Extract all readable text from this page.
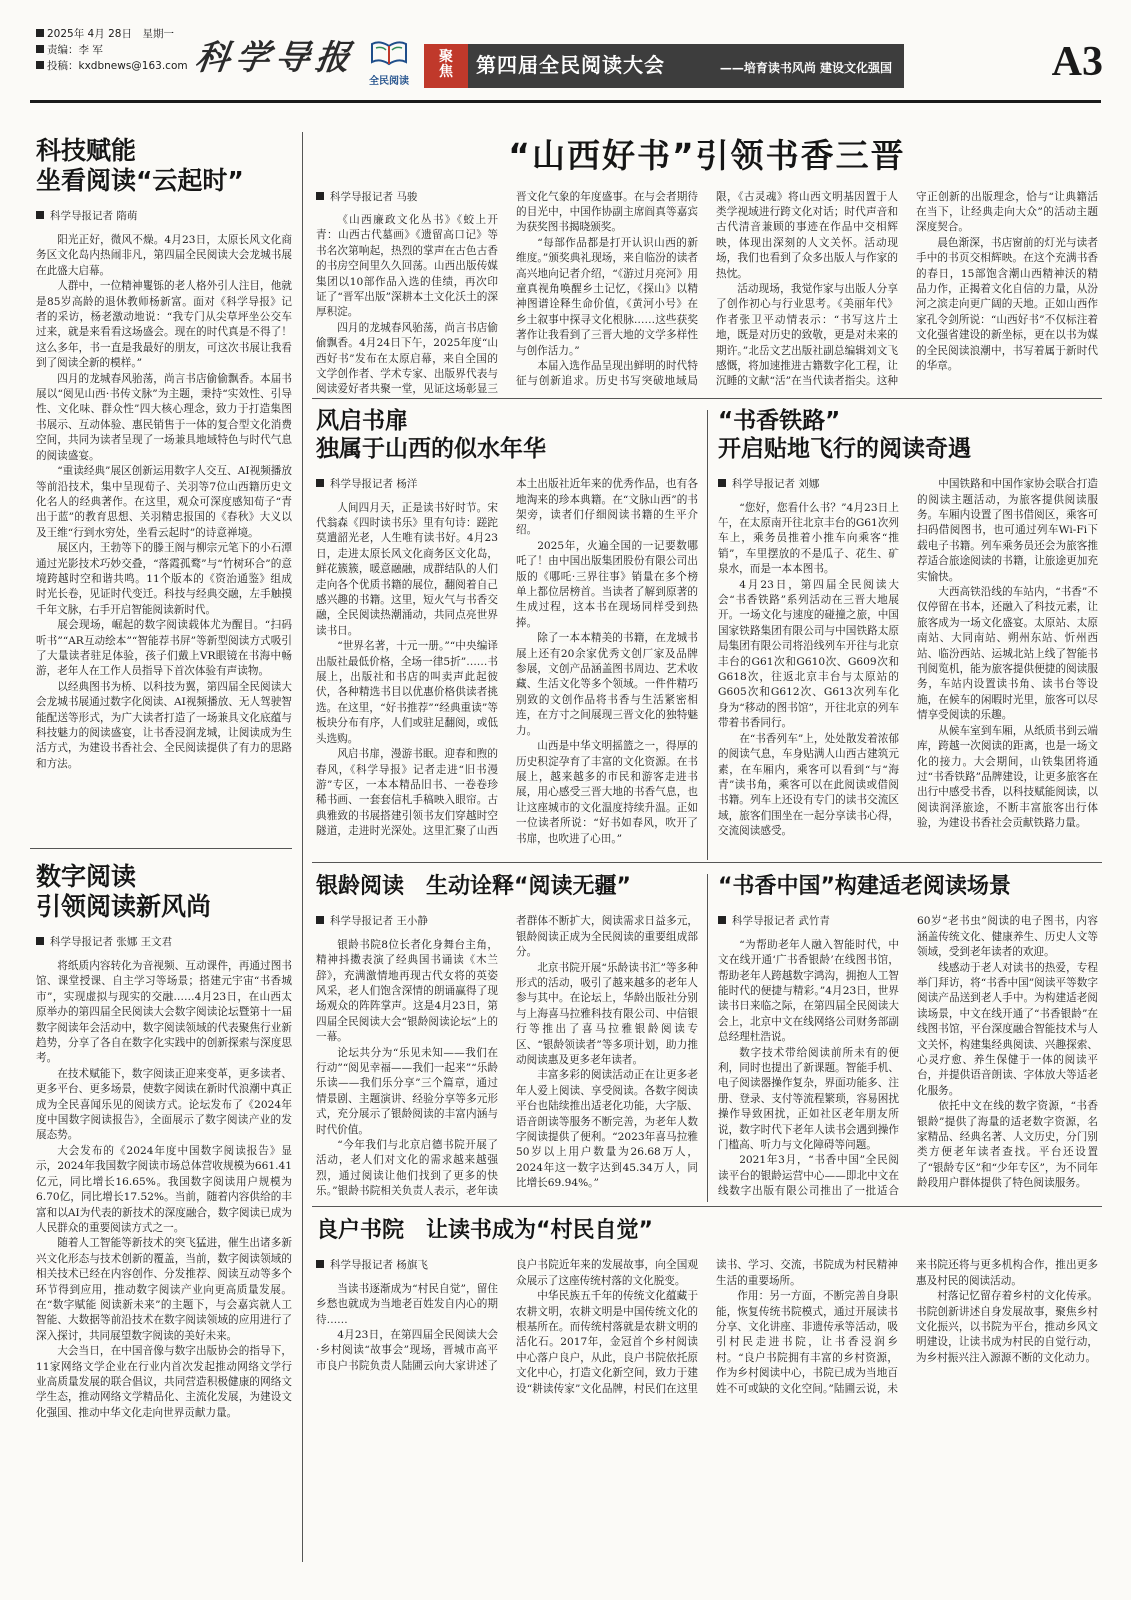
2025年 4月 28日　星期一
责编：李 军
投稿：kxdbnews@163.com 科学导报
全民阅读
聚
焦	第四届全民阅读大会	——培育读书风尚 建设文化强国	A3
科技赋能
坐看阅读“云起时”
科学导报记者 隋萌

阳光正好，微风不燥。4月23日，太原长风文化商务区文化岛内热闹非凡，第四届全民阅读大会龙城书展在此盛大启幕。

人群中，一位精神矍铄的老人格外引人注目，他就是85岁高龄的退休教师杨新富。面对《科学导报》记者的采访，杨老激动地说：“我专门从尖草坪坐公交车过来，就是来看看这场盛会。现在的时代真是不得了！这么多年，书一直是我最好的朋友，可这次书展让我看到了阅读全新的模样。”

四月的龙城春风骀荡，尚言书店偷偷飘香。本届书展以“阅见山西·书传文脉”为主题，秉持“实效性、引导性、文化味、群众性”四大核心理念，致力于打造集图书展示、互动体验、惠民销售于一体的复合型文化消费空间，共同为读者呈现了一场兼具地域特色与时代气息的阅读盛宴。

“重读经典”展区创新运用数字人交互、AI视频播放等前沿技术，集中呈现荀子、关羽等7位山西籍历史文化名人的经典著作。在这里，观众可深度感知荀子“青出于蓝”的教育思想、关羽精忠报国的《春秋》大义以及王维“行到水穷处，坐看云起时”的诗意禅境。

展区内，王勃等下的滕王阁与柳宗元笔下的小石潭通过光影技术巧妙交叠，“落霞孤鹜”与“竹树环合”的意境跨越时空和谐共鸣。11个版本的《资治通鉴》组成时光长卷，见证时代变迁。科技与经典交融，左手触摸千年文脉，右手开启智能阅读新时代。

展会现场，崛起的数字阅读载体尤为醒目。“扫码听书”“AR互动绘本”“智能荐书屏”等新型阅读方式吸引了大量读者驻足体验，孩子们戴上VR眼镜在书海中畅游，老年人在工作人员指导下首次体验有声读物。

以经典图书为桥、以科技为翼，第四届全民阅读大会龙城书展通过数字化阅读、AI视频播放、无人驾驶智能配送等形式，为广大读者打造了一场兼具文化底蕴与科技魅力的阅读盛宴，让书香浸润龙城，让阅读成为生活方式，为建设书香社会、全民阅读提供了有力的思路和方法。

“山西好书”引领书香三晋
科学导报记者 马骏

《山西廉政文化丛书》《蛟上开青：山西古代墓画》《遗留高口记》等书名次第响起，热烈的掌声在古色古香的书房空间里久久回荡。山西出版传媒集团以10部作品入选的佳绩，再次印证了“晋军出版”深耕本土文化沃土的深厚积淀。

四月的龙城春风骀荡，尚言书店偷偷飘香。4月24日下午，2025年度“山西好书”发布在太原启幕，来自全国的文学创作者、学术专家、出版界代表与阅读爱好者共聚一堂，见证这场彰显三晋文化气象的年度盛事。在与会者期待的目光中，中国作协副主席阎真等嘉宾为获奖图书揭晓颁奖。

“每部作品都是打开认识山西的新维度。”颁奖典礼现场，来自临汾的读者高兴地向记者介绍，“《游过月亮河》用童真视角唤醒乡土记忆，《探山》以精神图谱诠释生命价值，《黄河小号》在乡土叙事中探寻文化根脉……这些获奖著作让我看到了三晋大地的文学多样性与创作活力。”

本届入选作品呈现出鲜明的时代特征与创新追求。历史书写突破地域局限，《古灵魂》将山西文明基因置于人类学视域进行跨文化对话；时代声音和古代清音兼顾的事迹在作品中交相辉映，体现出深刻的人文关怀。活动现场，我们也看到了众多出版人与作家的热忱。

活动现场，我觉作家与出版人分享了创作初心与行业思考。《美丽年代》作者张卫平动情表示：“书写这片土地，既是对历史的致敬，更是对未来的期许。”北岳文艺出版社副总编辑刘文飞感慨，将加速推进古籍数字化工程，让沉睡的文献“活”在当代读者指尖。这种守正创新的出版理念，恰与“让典籍活在当下，让经典走向大众”的活动主题深度契合。

晨色渐深，书店窗前的灯光与读者手中的书页交相辉映。在这个充满书香的春日，15部饱含潮山西精神沃的精品力作，正揭着文化自信的力量，从汾河之滨走向更广阔的天地。正如山西作家孔令剑所说：“山西好书”不仅标注着文化强省建设的新坐标，更在以书为媒的全民阅读浪潮中，书写着属于新时代的华章。

风启书扉
独属于山西的似水年华
科学导报记者 杨洋

人间四月天，正是读书好时节。宋代翁森《四时读书乐》里有句诗：蹉跎莫遣韶光老，人生唯有读书好。4月23日，走进太原长风文化商务区文化岛，鲜花簇簇，暖意融融，成群结队的人们走向各个优质书籍的展位，翻阅着自己感兴趣的书籍。这里，短火气与书香交融，全民阅读热潮涌动，共同点亮世界读书日。

“世界名著，十元一册。”“中央编译出版社最低价格，全场一律5折”……书展上，出版社和书店的叫卖声此起彼伏，各种精选书目以优惠价格供读者挑选。在这里，“好书推荐”“经典重读”等板块分布有序，人们或驻足翻阅，或低头选购。

风启书扉，漫游书眠。迎春和煦的春风，《科学导报》记者走进“旧书漫游”专区，一本本精品旧书、一卷卷珍稀书画、一套套信札手稿映入眼帘。古典雅致的书展搭建引领书友们穿越时空隧道，走进时光深处。这里汇聚了山西本土出版社近年来的优秀作品，也有各地淘来的珍本典籍。在“文脉山西”的书架旁，读者们仔细阅读书籍的生平介绍。

2025年，火遍全国的一记要数哪吒了！由中国出版集团股份有限公司出版的《哪吒·三界往事》销量在多个榜单上都位居榜首。当读者了解到原著的生成过程，这本书在现场同样受到热捧。

除了一本本精美的书籍，在龙城书展上还有20余家优秀文创厂家及品牌参展，文创产品涵盖图书周边、艺术收藏、生活文化等多个领域。一件件精巧别致的文创作品将书香与生活紧密相连，在方寸之间展现三晋文化的独特魅力。

山西是中华文明摇篮之一，得厚的历史积淀孕育了丰富的文化资源。在书展上，越来越多的市民和游客走进书展，用心感受三晋大地的书香气息，也让这座城市的文化温度持续升温。正如一位读者所说：“好书如春风，吹开了书扉，也吹进了心田。”

“书香铁路”
开启贴地飞行的阅读奇遇
科学导报记者 刘娜

“您好，您看什么书？”4月23日上午，在太原南开往北京丰台的G61次列车上，乘务员推着小推车向乘客“推销”，车里摆放的不是瓜子、花生、矿泉水，而是一本本图书。

4月23日，第四届全民阅读大会“书香铁路”系列活动在三晋大地展开。一场文化与速度的碰撞之旅，中国国家铁路集团有限公司与中国铁路太原局集团有限公司将沿线列车开往与北京丰台的G61次和G610次、G609次和G618次，往返北京丰台与太原站的G605次和G612次、G613次列车化身为“移动的图书馆”，开往北京的列车带着书香同行。

在“书香列车”上，处处散发着浓郁的阅读气息，车身贴满人山西古建筑元素，在车厢内，乘客可以看到“与“海青”读书角，乘客可以在此阅读或借阅书籍。列车上还设有专门的读书交流区域，旅客们围坐在一起分享读书心得，交流阅读感受。

中国铁路和中国作家协会联合打造的阅读主题活动，为旅客提供阅读服务。车厢内设置了图书借阅区，乘客可扫码借阅图书，也可通过列车Wi-Fi下载电子书籍。列车乘务员还会为旅客推荐适合旅途阅读的书籍，让旅途更加充实愉快。

大西高铁沿线的车站内，“书香”不仅停留在书本，还融入了科技元素，让旅客成为一场文化盛宴。太原站、太原南站、大同南站、朔州东站、忻州西站、临汾西站、运城北站上线了智能书刊阅览机，能为旅客提供便捷的阅读服务，车站内设置读书角、读书台等设施，在候车的闲暇时光里，旅客可以尽情享受阅读的乐趣。

从候车室到车厢，从纸质书到云端库，跨越一次阅读的距离，也是一场文化的接力。大会期间，山铁集团将通过“书香铁路”品牌建设，让更多旅客在出行中感受书香，以科技赋能阅读，以阅读润泽旅途，不断丰富旅客出行体验，为建设书香社会贡献铁路力量。

数字阅读
引领阅读新风尚
科学导报记者 张娜 王文君

将纸质内容转化为音视频、互动课件，再通过图书馆、课堂授课、自主学习等场景；搭建元宇宙“书香城市”，实现虚拟与现实的交融……4月23日，在山西太原举办的第四届全民阅读大会数字阅读论坛暨第十一届数字阅读年会活动中，数字阅读领域的代表聚焦行业新趋势，分享了各自在数字化实践中的创新探索与深度思考。

在技术赋能下，数字阅读正迎来变革，更多读者、更多平台、更多场景，使数字阅读在新时代浪潮中真正成为全民喜闻乐见的阅读方式。论坛发布了《2024年度中国数字阅读报告》，全面展示了数字阅读产业的发展态势。

大会发布的《2024年度中国数字阅读报告》显示，2024年我国数字阅读市场总体营收规模为661.41亿元，同比增长16.65%。我国数字阅读用户规模为6.70亿，同比增长17.52%。当前，随着内容供给的丰富和以AI为代表的新技术的深度融合，数字阅读已成为人民群众的重要阅读方式之一。

随着人工智能等新技术的突飞猛进，催生出诸多新兴文化形态与技术创新的覆盖，当前，数字阅读领域的相关技术已经在内容创作、分发推荐、阅读互动等多个环节得到应用，推动数字阅读产业向更高质量发展。在“数字赋能 阅读新未来”的主题下，与会嘉宾就人工智能、大数据等前沿技术在数字阅读领域的应用进行了深入探讨，共同展望数字阅读的美好未来。

大会当日，在中国音像与数字出版协会的指导下，11家网络文学企业在行业内首次发起推动网络文学行业高质量发展的联合倡议，共同营造积极健康的网络文学生态，推动网络文学精品化、主流化发展，为建设文化强国、推动中华文化走向世界贡献力量。

银龄阅读　生动诠释“阅读无疆”
科学导报记者 王小静

银龄书院8位长者化身舞台主角，精神抖擞表演了经典国书诵读《木兰辞》，充满激情地再现古代女将的英姿风采，老人们饱含深情的朗诵赢得了现场观众的阵阵掌声。这是4月23日，第四届全民阅读大会“银龄阅读论坛”上的一幕。

论坛共分为“乐见未知——我们在行动”“阅见幸福——我们一起来”“乐龄乐读——我们乐分享”三个篇章，通过情景剧、主题演讲、经验分享等多元形式，充分展示了银龄阅读的丰富内涵与时代价值。

“今年我们与北京启德书院开展了活动，老人们对文化的需求越来越强烈，通过阅读让他们找到了更多的快乐。”银龄书院相关负责人表示，老年读者群体不断扩大，阅读需求日益多元，银龄阅读正成为全民阅读的重要组成部分。

北京书院开展“乐龄读书汇”等多种形式的活动，吸引了越来越多的老年人参与其中。在论坛上，华龄出版社分别与上海喜马拉雅科技有限公司、中信银行等推出了喜马拉雅银龄阅读专区、“银龄领读者”等多项计划，助力推动阅读惠及更多老年读者。

丰富多彩的阅读活动正在让更多老年人爱上阅读、享受阅读。各数字阅读平台也陆续推出适老化功能，大字版、语音朗读等服务不断完善，为老年人数字阅读提供了便利。“2023年喜马拉雅50岁以上用户数量为26.68万人，2024年这一数字达到45.34万人，同比增长69.94%。”

“书香中国”构建适老阅读场景
科学导报记者 武竹青

“为帮助老年人融入智能时代，中文在线开通‘广书香银龄’在线图书馆，帮助老年人跨越数字鸿沟，拥抱人工智能时代的便捷与精彩。”4月23日，世界读书日来临之际，在第四届全民阅读大会上，北京中文在线网络公司财务部副总经理杜浩说。

数字技术带给阅读前所未有的便利，同时也提出了新课题。智能手机、电子阅读器操作复杂，界面功能多、注册、登录、支付等流程繁琐，容易困扰操作导致困扰，正如社区老年朋友所说，数字时代下老年人读书会遇到操作门槛高、听力与文化障碍等问题。

2021年3月，“书香中国”全民阅读平台的银龄运营中心——即北中文在线数字出版有限公司推出了一批适合60岁“老书虫”阅读的电子图书，内容涵盖传统文化、健康养生、历史人文等领域，受到老年读者的欢迎。

线感动于老人对读书的热爱，专程举门拜访，将“书香中国”阅读平等数字阅读产品送到老人手中。为构建适老阅读场景，中文在线开通了“书香银龄”在线图书馆，平台深度融合智能技术与人文关怀，构建集经典阅读、兴趣探索、心灵疗愈、养生保健于一体的阅读平台，并提供语音朗读、字体放大等适老化服务。

依托中文在线的数字资源，“书香银龄”提供了海量的适老数字资源，名家精品、经典名著、人文历史，分门别类方便老年读者查找。平台还设置了“银龄专区”和“少年专区”，为不同年龄段用户群体提供了特色阅读服务。

良户书院　让读书成为“村民自觉”
科学导报记者 杨旗飞

当读书逐渐成为“村民自觉”，留住乡愁也就成为当地老百姓发自内心的期待……

4月23日，在第四届全民阅读大会·乡村阅读“故事会”现场，晋城市高平市良户书院负责人陆圃云向大家讲述了良户书院近年来的发展故事，向全国观众展示了这座传统村落的文化脱变。

中华民族五千年的传统文化蕴藏于农耕文明，农耕文明是中国传统文化的根基所在。而传统村落就是农耕文明的活化石。2017年，金冠首个乡村阅读中心落户良户，从此，良户书院依托原文化中心，打造文化新空间，致力于建设“耕读传家”文化品牌，村民们在这里读书、学习、交流，书院成为村民精神生活的重要场所。

作用：另一方面，不断完善自身职能，恢复传统书院模式，通过开展读书分享、文化讲座、非遗传承等活动，吸引村民走进书院，让书香浸润乡村。“良户书院拥有丰富的乡村资源，作为乡村阅读中心，书院已成为当地百姓不可或缺的文化空间。”陆圃云说，未来书院还将与更多机构合作，推出更多惠及村民的阅读活动。

村落记忆留存着乡村的文化传承。书院创新讲述自身发展故事，聚焦乡村文化振兴，以书院为平台，推动乡风文明建设，让读书成为村民的自觉行动，为乡村振兴注入源源不断的文化动力。
